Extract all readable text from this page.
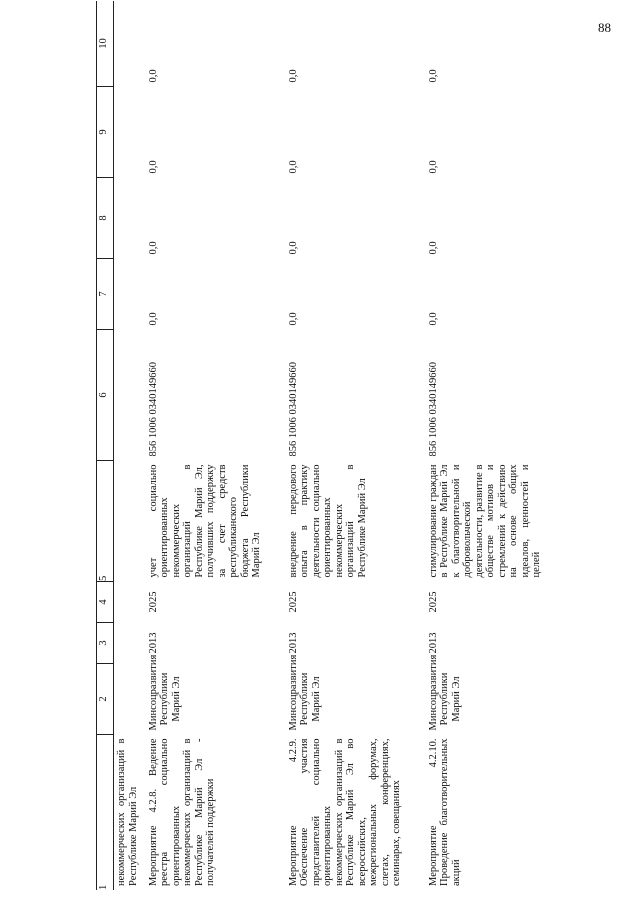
88
1	2	3	4	5	6	7	8	9	10
некоммерческих организаций в Республике Марий Эл									
Мероприятие 4.2.8. Ведение реестра социально ориентированных некоммерческих организаций в Республике Марий Эл - получателей поддержки	Минсоцразвития Республики Марий Эл	2013	2025	учет социально ориентированных некоммерческих организаций в Республике Марий Эл, получивших поддержку за счет средств республиканского бюджета Республики Марий Эл	856 1006 0340149660	0,0	0,0	0,0	0,0
Мероприятие 4.2.9. Обеспечение участия представителей социально ориентированных некоммерческих организаций в Республике Марий Эл во всероссийских, межрегиональных форумах, слетах, конференциях, семинарах, совещаниях	Минсоцразвития Республики Марий Эл	2013	2025	внедрение передового опыта в практику деятельности социально ориентированных некоммерческих организаций в Республике Марий Эл	856 1006 0340149660	0,0	0,0	0,0	0,0
Мероприятие 4.2.10. Проведение благотворительных акций	Минсоцразвития Республики Марий Эл	2013	2025	стимулирование граждан в Республике Марий Эл к благотворительной и добровольческой деятельности, развитие в обществе мотивов и стремлений к действию на основе общих идеалов, ценностей и целей	856 1006 0340149660	0,0	0,0	0,0	0,0
